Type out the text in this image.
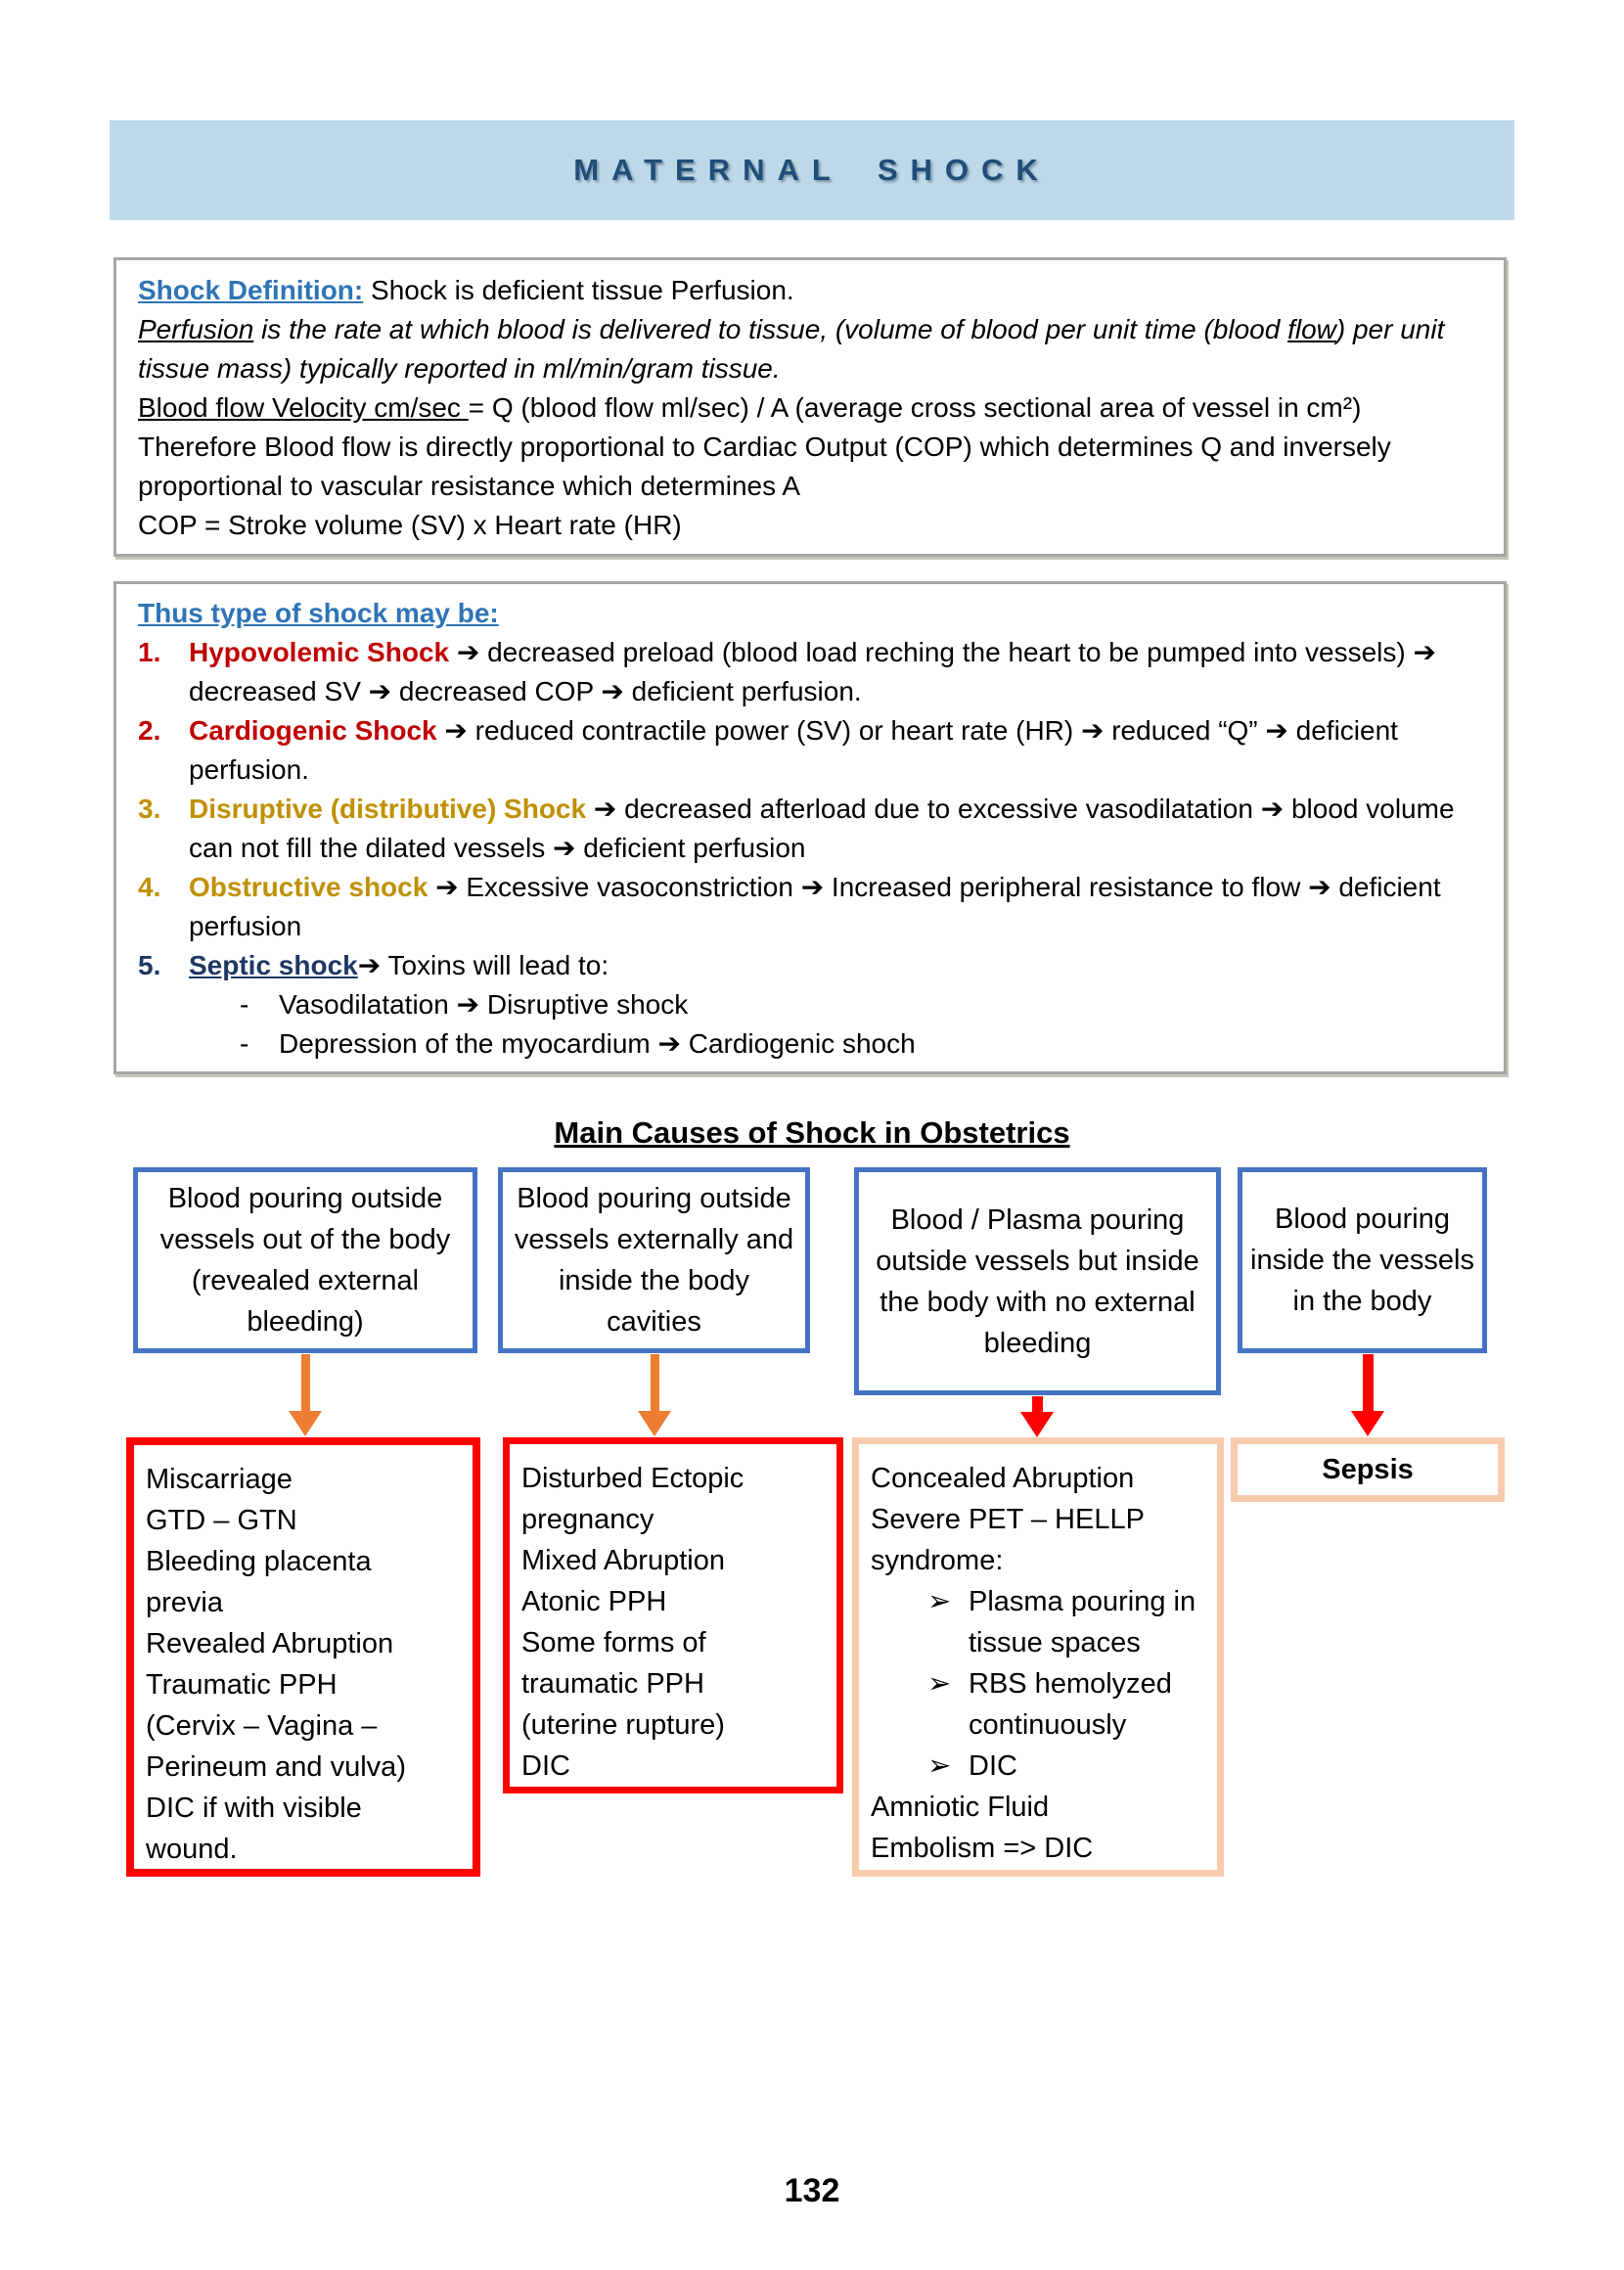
MATERNAL SHOCK

Shock Definition: Shock is deficient tissue Perfusion.

Perfusion is the rate at which blood is delivered to tissue, (volume of blood per unit time (blood flow) per unit tissue mass) typically reported in ml/min/gram tissue.

Blood flow Velocity cm/sec = Q (blood flow ml/sec) / A (average cross sectional area of vessel in cm²)

Therefore Blood flow is directly proportional to Cardiac Output (COP) which determines Q and inversely proportional to vascular resistance which determines A

COP = Stroke volume (SV) x Heart rate (HR)

Thus type of shock may be:

1.	Hypovolemic Shock ➔ decreased preload (blood load reching the heart to be pumped into vessels) ➔ decreased SV ➔ decreased COP ➔ deficient perfusion.
2.	Cardiogenic Shock ➔ reduced contractile power (SV) or heart rate (HR) ➔ reduced “Q” ➔ deficient perfusion.
3.	Disruptive (distributive) Shock ➔ decreased afterload due to excessive vasodilatation ➔ blood volume can not fill the dilated vessels ➔ deficient perfusion
4.	Obstructive shock ➔ Excessive vasoconstriction ➔ Increased peripheral resistance to flow ➔ deficient perfusion
5.	Septic shock➔ Toxins will lead to:
- Vasodilatation ➔ Disruptive shock
- Depression of the myocardium ➔ Cardiogenic shoch
Main Causes of Shock in Obstetrics
Blood pouring outside vessels out of the body (revealed external bleeding)
Blood pouring outside vessels externally and inside the body cavities
Blood / Plasma pouring outside vessels but inside the body with no external bleeding
Blood pouring inside the vessels in the body
Miscarriage
GTD – GTN
Bleeding placenta
previa
Revealed Abruption
Traumatic PPH
(Cervix – Vagina –
Perineum and vulva)
DIC if with visible
wound.
Disturbed Ectopic
pregnancy
Mixed Abruption
Atonic PPH
Some forms of
traumatic PPH
(uterine rupture)
DIC
Concealed Abruption
Severe PET – HELLP
syndrome:
➢ Plasma pouring in tissue spaces
➢ RBS hemolyzed continuously
➢ DIC
Amniotic Fluid
Embolism => DIC
Sepsis
132
